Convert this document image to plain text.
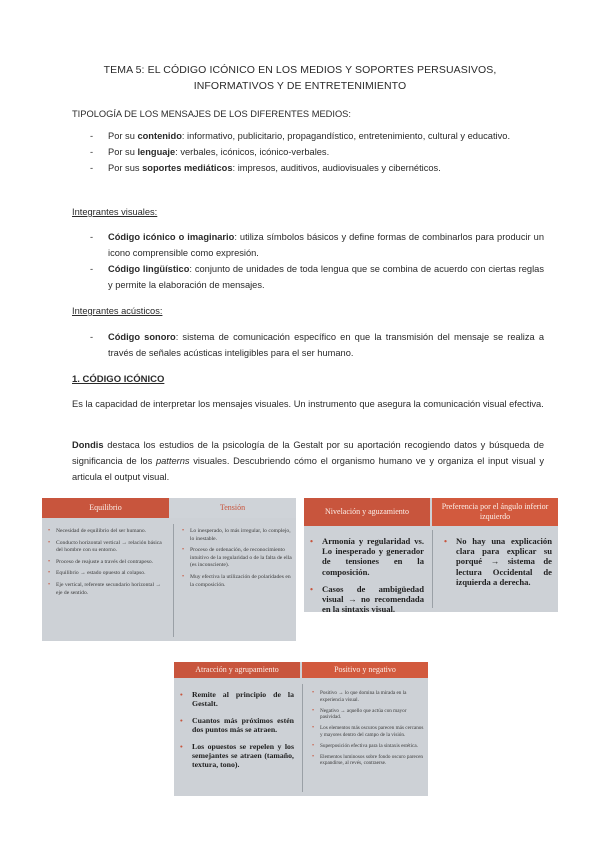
TEMA 5: EL CÓDIGO ICÓNICO EN LOS MEDIOS Y SOPORTES PERSUASIVOS,
INFORMATIVOS Y DE ENTRETENIMIENTO
TIPOLOGÍA DE LOS MENSAJES DE LOS DIFERENTES MEDIOS:
- Por su contenido: informativo, publicitario, propagandístico, entretenimiento, cultural y educativo.
- Por su lenguaje: verbales, icónicos, icónico-verbales.
- Por sus soportes mediáticos: impresos, auditivos, audiovisuales y cibernéticos.
Integrantes visuales:
- Código icónico o imaginario: utiliza símbolos básicos y define formas de combinarlos para producir un icono comprensible como expresión.
- Código lingüístico: conjunto de unidades de toda lengua que se combina de acuerdo con ciertas reglas y permite la elaboración de mensajes.
Integrantes acústicos:
- Código sonoro: sistema de comunicación específico en que la transmisión del mensaje se realiza a través de señales acústicas inteligibles para el ser humano.
1. CÓDIGO ICÓNICO
Es la capacidad de interpretar los mensajes visuales. Un instrumento que asegura la comunicación visual efectiva.
Dondis destaca los estudios de la psicología de la Gestalt por su aportación recogiendo datos y búsqueda de significancia de los patterns visuales. Descubriendo cómo el organismo humano ve y organiza el input visual y articula el output visual.
Equilibrio	Tensión
• Necesidad de equilibrio del ser humano.
• Conducto horizontal vertical → relación básica del hombre con su entorno.
• Proceso de reajuste a través del contrapeso.
• Equilibrio → estado opuesto al colapso.
• Eje vertical, referente secundario horizontal → eje de sentido.
• Lo inesperado, lo más irregular, lo complejo, lo inestable.
• Proceso de ordenación, de reconocimiento intuitivo de la regularidad o de la falta de ella (es inconsciente).
• Muy efectiva la utilización de polaridades en la composición.
Nivelación y aguzamiento
Preferencia por el ángulo inferior izquierdo
• Armonía y regularidad vs. Lo inesperado y generador de tensiones en la composición.
• Casos de ambigüedad visual → no recomendada en la sintaxis visual.
• No hay una explicación clara para explicar su porqué → sistema de lectura Occidental de izquierda a derecha.
Atracción y agrupamiento	Positivo y negativo
• Remite al principio de la Gestalt.
• Cuantos más próximos estén dos puntos más se atraen.
• Los opuestos se repelen y los semejantes se atraen (tamaño, textura, tono).
• Positivo → lo que domina la mirada en la experiencia visual.
• Negativo → aquello que actúa con mayor pasividad.
• Los elementos más oscuros parecen más cercanos y mayores dentro del campo de la visión.
• Superposición efectiva para la sintaxis estética.
• Elementos luminosos sobre fondo oscuro parecen expandirse, al revés, contraerse.
